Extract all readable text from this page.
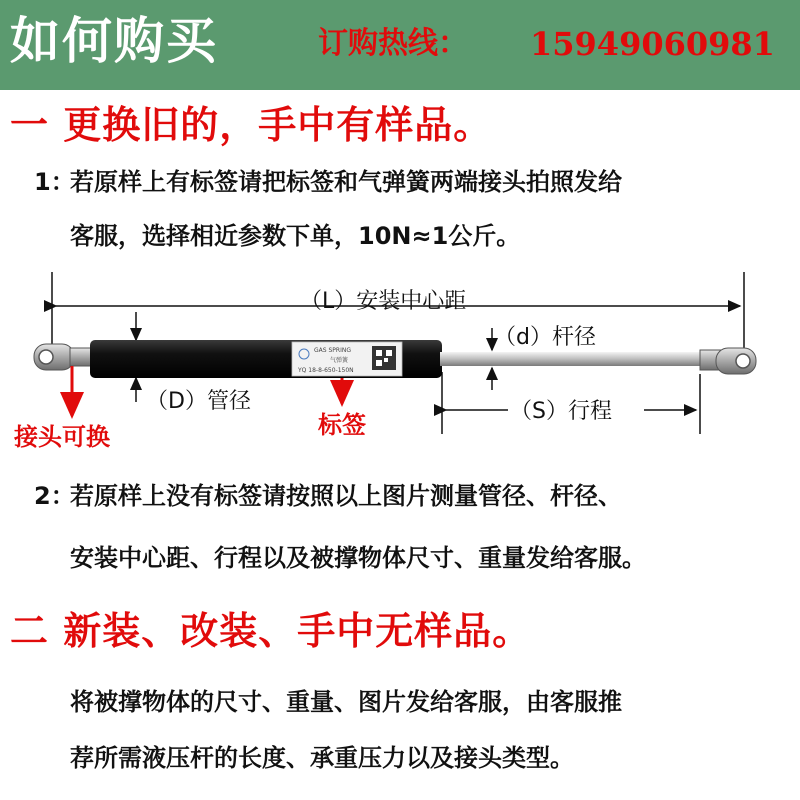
如何购买	订购热线： 15949060981
一 更换旧的，手中有样品。
1：
若原样上有标签请把标签和气弹簧两端接头拍照发给
客服，选择相近参数下单，10N≈1公斤。
GAS SPRING
气弹簧
YQ 18-8-650-150N
（L）安装中心距
（d）杆径
（D）管径	（S）行程
标签
接头可换
2：
若原样上没有标签请按照以上图片测量管径、杆径、
安装中心距、行程以及被撑物体尺寸、重量发给客服。
二 新装、改装、手中无样品。
将被撑物体的尺寸、重量、图片发给客服，由客服推
荐所需液压杆的长度、承重压力以及接头类型。
